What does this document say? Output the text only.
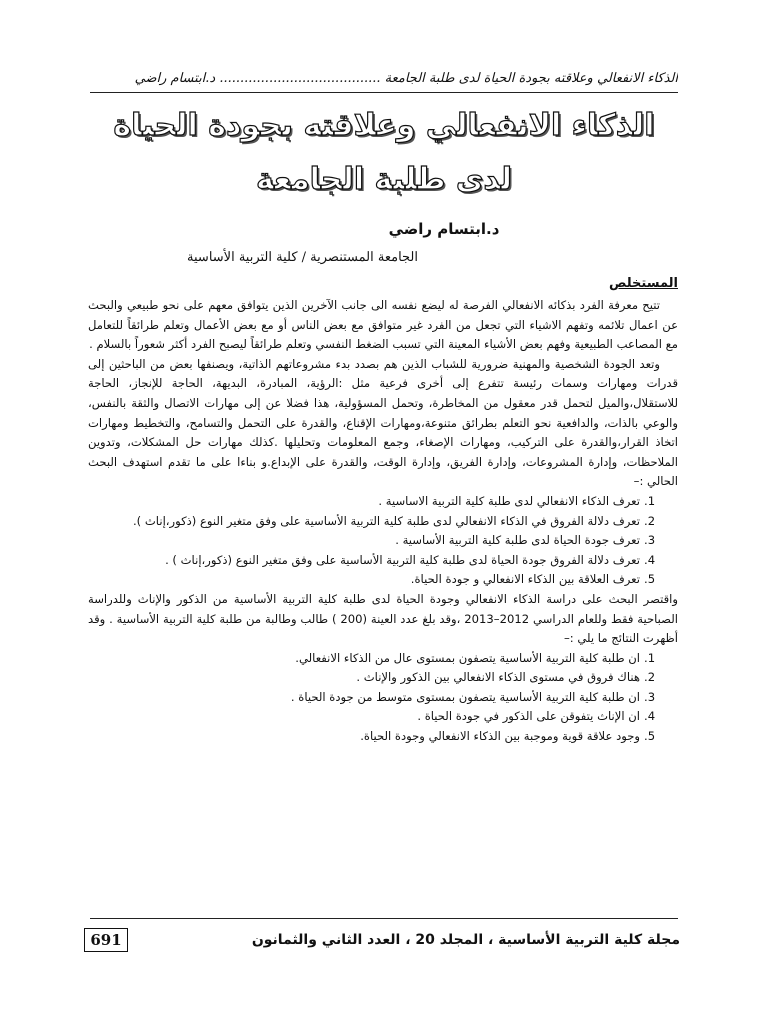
الذكاء الانفعالي وعلاقته بجودة الحياة لدى طلبة الجامعة ....................................... د.ابتسام راضي
الذكاء الانفعالي وعلاقته بجودة الحياة
لدى طلبة الجامعة
د.ابتسام راضي
الجامعة المستنصرية / كلية التربية الأساسية
المستخلص

تتيح معرفة الفرد بذكائه الانفعالي الفرصة له ليضع نفسه الى جانب الآخرين الذين يتوافق معهم على نحو طبيعي والبحث عن اعمال تلائمه وتفهم الاشياء التي تجعل من الفرد غير متوافق مع بعض الناس أو مع بعض الأعمال وتعلم طرائقاً للتعامل مع المصاعب الطبيعية وفهم بعض الأشياء المعينة التي تسبب الضغط النفسي وتعلم طرائقاً ليصبح الفرد أكثر شعوراً بالسلام .

وتعد الجودة الشخصية والمهنية ضرورية للشباب الذين هم بصدد بدء مشروعاتهم الذاتية، ويصنفها بعض من الباحثين إلى قدرات ومهارات وسمات رئيسة تتفرع إلى أخرى فرعية مثل :الرؤية، المبادرة، البديهة، الحاجة للإنجاز، الحاجة للاستقلال،والميل لتحمل قدر معقول من المخاطرة، وتحمل المسؤولية، هذا فضلا عن إلى مهارات الاتصال والثقة بالنفس، والوعي بالذات، والدافعية نحو التعلم بطرائق متنوعة،ومهارات الإقناع، والقدرة على التحمل والتسامح، والتخطيط ومهارات اتخاذ القرار،والقدرة على التركيب، ومهارات الإصغاء، وجمع المعلومات وتحليلها .كذلك مهارات حل المشكلات، وتدوين الملاحظات، وإدارة المشروعات، وإدارة الفريق، وإدارة الوقت، والقدرة على الإبداع.و بناءا على ما تقدم استهدف البحث الحالي :–

1.
تعرف الذكاء الانفعالي لدى طلبة كلية التربية الاساسية .
2.
تعرف دلالة الفروق في الذكاء الانفعالي لدى طلبة كلية التربية الأساسية على وفق متغير النوع (ذكور،إناث ).
3.
تعرف جودة الحياة لدى طلبة كلية التربية الأساسية .
4.
تعرف دلالة الفروق جودة الحياة لدى طلبة كلية التربية الأساسية على وفق متغير النوع (ذكور،إناث ) .
5.
تعرف العلاقة بين الذكاء الانفعالي و جودة الحياة.

واقتصر البحث على دراسة الذكاء الانفعالي وجودة الحياة لدى طلبة كلية التربية الأساسية من الذكور والإناث وللدراسة الصباحية فقط وللعام الدراسي 2012–2013 ،وقد بلغ عدد العينة (200 ) طالب وطالبة من طلبة كلية التربية الأساسية . وقد أظهرت النتائج ما يلي :–

1.
ان طلبة كلية التربية الأساسية يتصفون بمستوى عال من الذكاء الانفعالي.
2.
هناك فروق في مستوى الذكاء الانفعالي بين الذكور والإناث .
3.
ان طلبة كلية التربية الأساسية يتصفون بمستوى متوسط من جودة الحياة .
4.
ان الإناث يتفوقن على الذكور في جودة الحياة .
5.
وجود علاقة قوية وموجبة بين الذكاء الانفعالي وجودة الحياة.
مجلة كلية التربية الأساسية ، المجلد 20 ، العدد الثاني والثمانون
691
